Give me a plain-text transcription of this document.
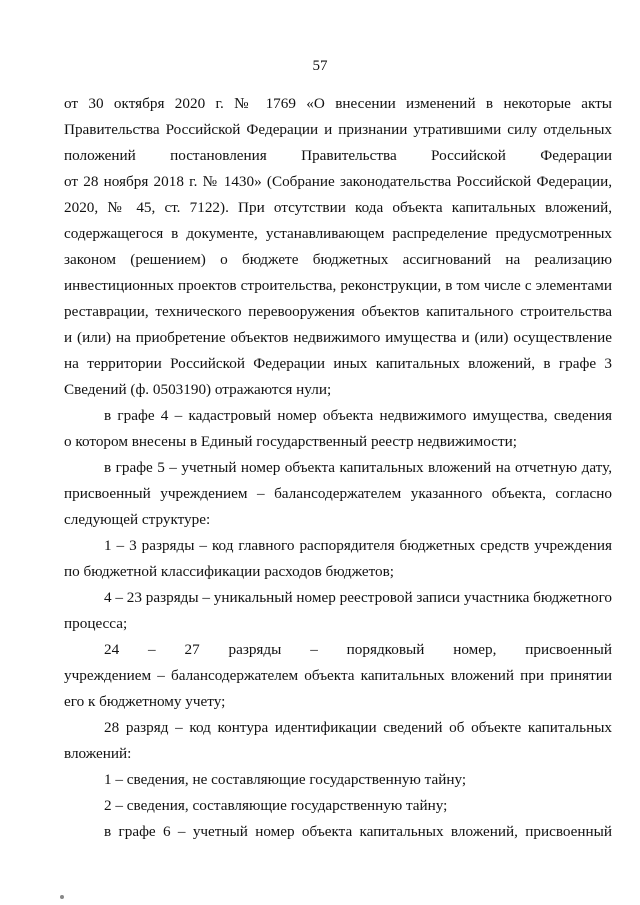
57
от 30 октября 2020 г. № 1769 «О внесении изменений в некоторые акты
Правительства Российской Федерации и признании утратившими силу отдельных
положений постановления Правительства Российской Федерации
от 28 ноября 2018 г. № 1430» (Собрание законодательства Российской Федерации,
2020, № 45, ст. 7122). При отсутствии кода объекта капитальных вложений,
содержащегося в документе, устанавливающем распределение предусмотренных
законом (решением) о бюджете бюджетных ассигнований на реализацию
инвестиционных проектов строительства, реконструкции, в том числе с элементами
реставрации, технического перевооружения объектов капитального строительства
и (или) на приобретение объектов недвижимого имущества и (или) осуществление
на территории Российской Федерации иных капитальных вложений, в графе 3
Сведений (ф. 0503190) отражаются нули;
в графе 4 – кадастровый номер объекта недвижимого имущества, сведения
о котором внесены в Единый государственный реестр недвижимости;
в графе 5 – учетный номер объекта капитальных вложений на отчетную дату,
присвоенный учреждением – балансодержателем указанного объекта, согласно
следующей структуре:
1 – 3 разряды – код главного распорядителя бюджетных средств учреждения
по бюджетной классификации расходов бюджетов;
4 – 23 разряды – уникальный номер реестровой записи участника бюджетного
процесса;
24 – 27 разряды – порядковый номер, присвоенный
учреждением – балансодержателем объекта капитальных вложений при принятии
его к бюджетному учету;
28 разряд – код контура идентификации сведений об объекте капитальных
вложений:
1 – сведения, не составляющие государственную тайну;
2 – сведения, составляющие государственную тайну;
в графе 6 – учетный номер объекта капитальных вложений, присвоенный
